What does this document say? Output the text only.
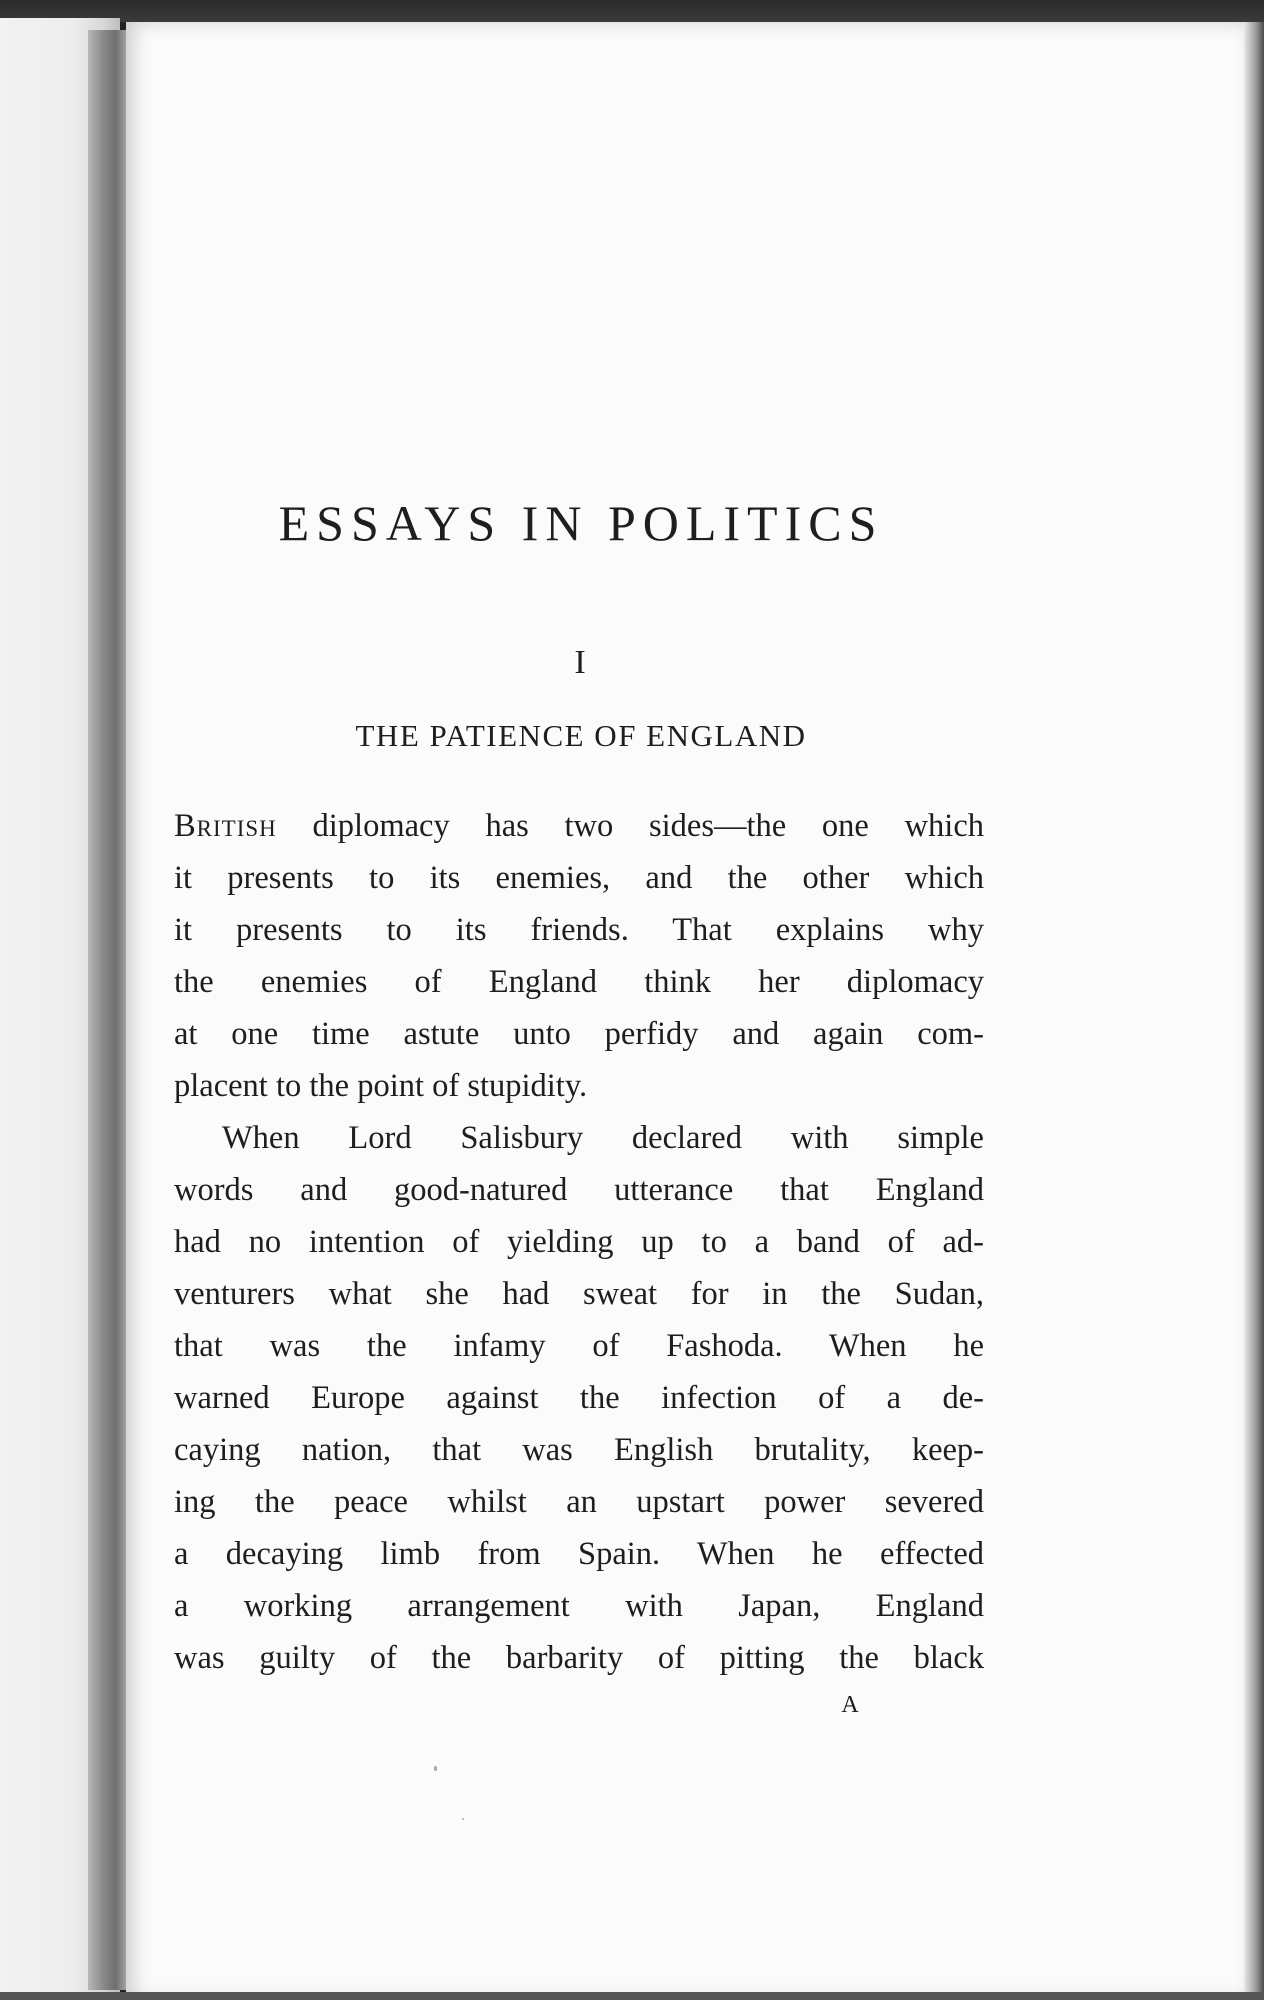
ESSAYS IN POLITICS
I
THE PATIENCE OF ENGLAND
British diplomacy has two sides—the one which
it presents to its enemies, and the other which
it presents to its friends. That explains why
the enemies of England think her diplomacy
at one time astute unto perfidy and again com-
placent to the point of stupidity.
When Lord Salisbury declared with simple
words and good-natured utterance that England
had no intention of yielding up to a band of ad-
venturers what she had sweat for in the Sudan,
that was the infamy of Fashoda. When he
warned Europe against the infection of a de-
caying nation, that was English brutality, keep-
ing the peace whilst an upstart power severed
a decaying limb from Spain. When he effected
a working arrangement with Japan, England
was guilty of the barbarity of pitting the black
A
